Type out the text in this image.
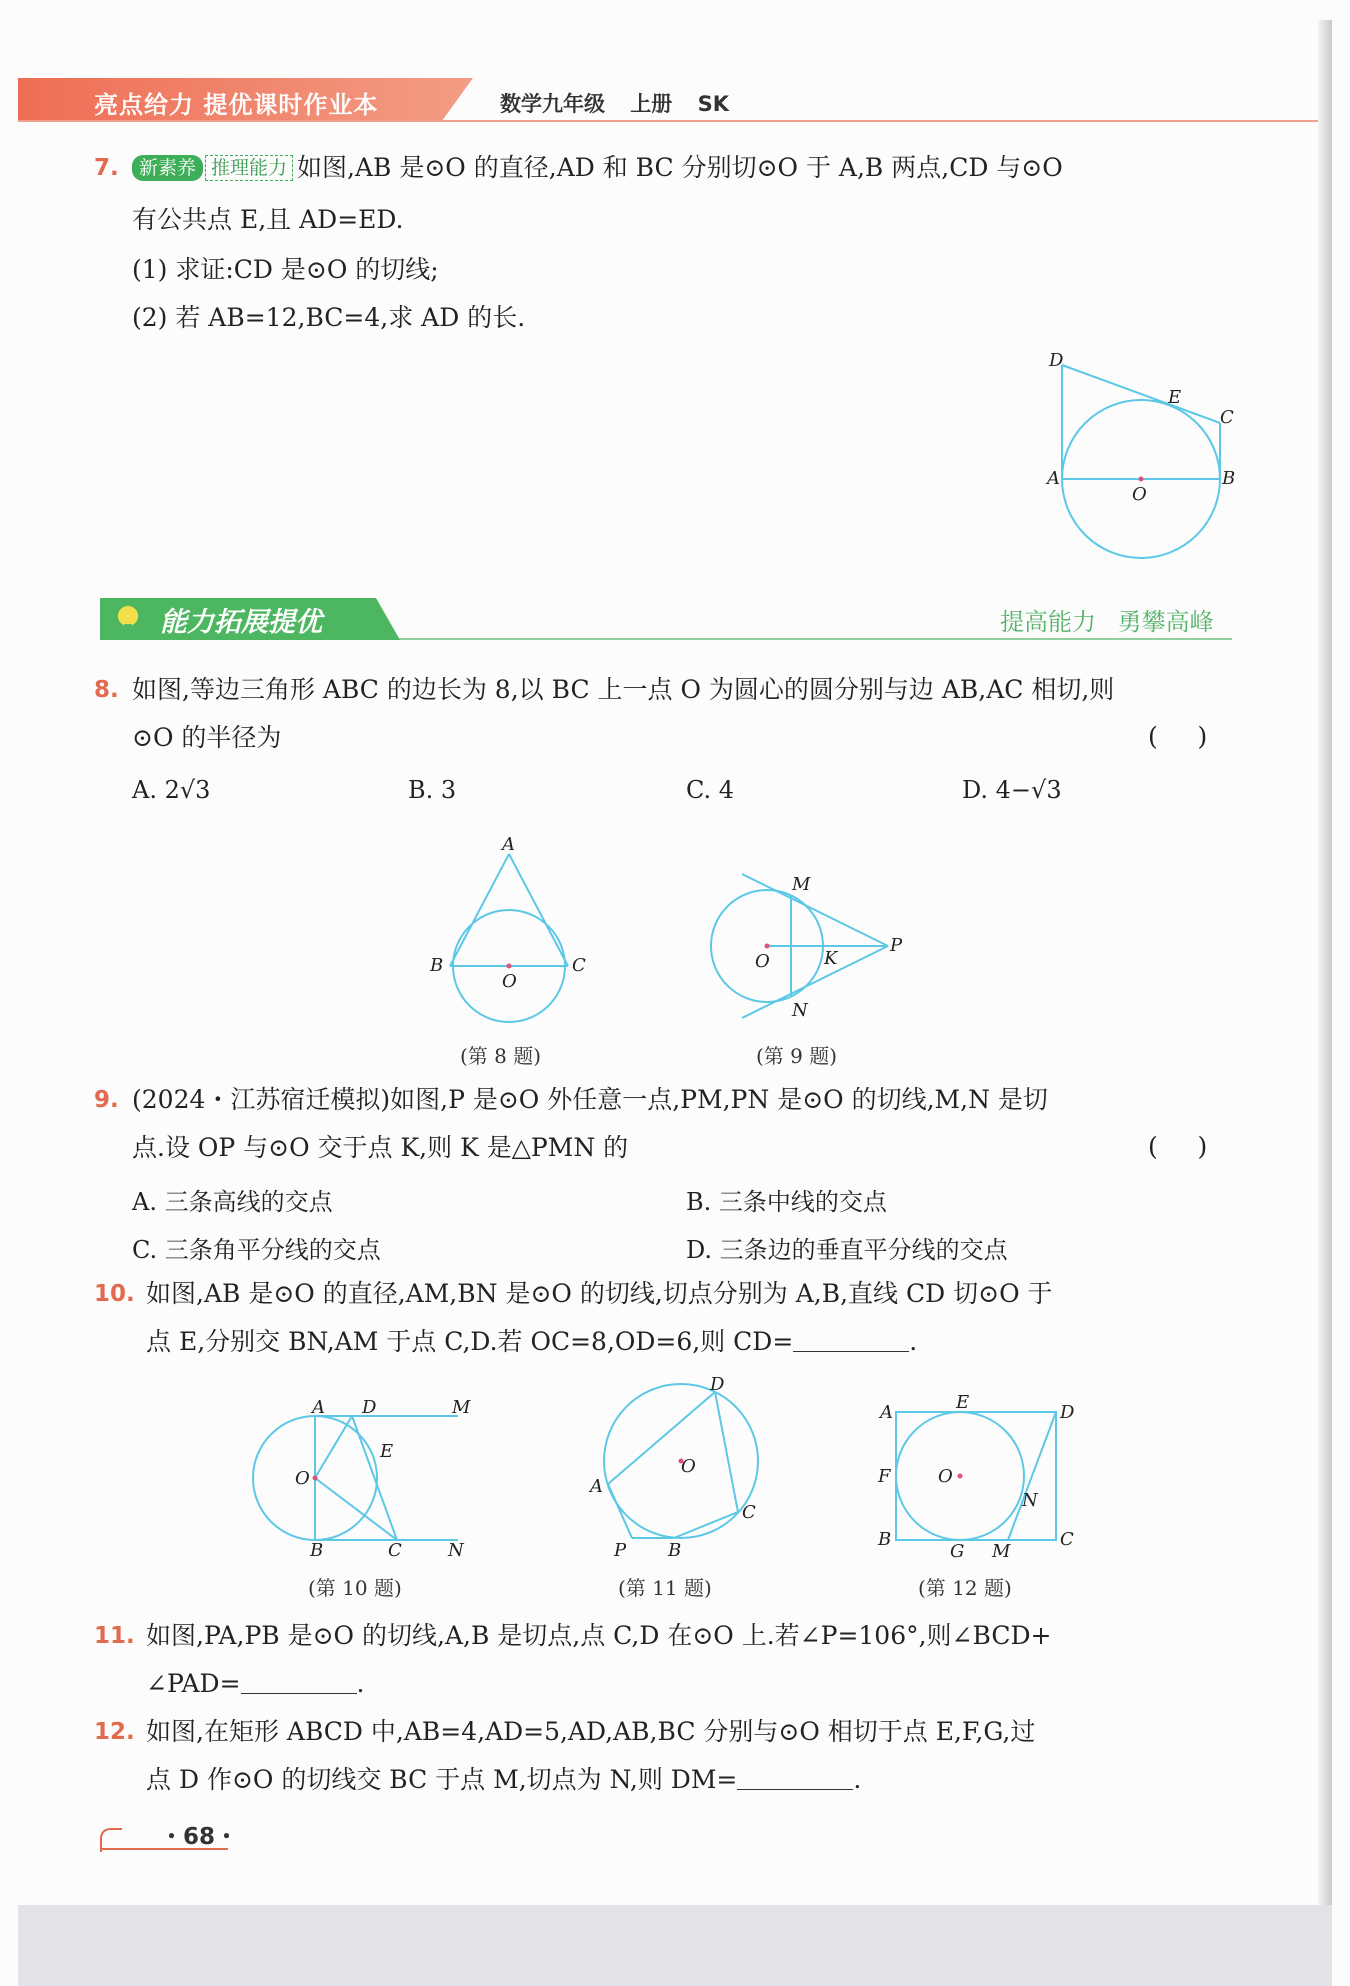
亮点给力 提优课时作业本	数学九年级 上册 SK
7.	新素养 推理能力 如图,AB 是⊙O 的直径,AD 和 BC 分别切⊙O 于 A,B 两点,CD 与⊙O
有公共点 E,且 AD=ED.
(1) 求证:CD 是⊙O 的切线;
(2) 若 AB=12,BC=4,求 AD 的长.
D
E
C
A
O
B
能力拓展提优	提高能力 勇攀高峰
8. 如图,等边三角形 ABC 的边长为 8,以 BC 上一点 O 为圆心的圆分别与边 AB,AC 相切,则
⊙O 的半径为	(     )
A. 2√3	B. 3	C. 4	D. 4−√3
A
B
O
C
(第 8 题)
M
P
O	K
N
(第 9 题)
9. (2024・江苏宿迁模拟)如图,P 是⊙O 外任意一点,PM,PN 是⊙O 的切线,M,N 是切
点.设 OP 与⊙O 交于点 K,则 K 是△PMN 的	(     )
A. 三条高线的交点	B. 三条中线的交点
C. 三条角平分线的交点	D. 三条边的垂直平分线的交点
10. 如图,AB 是⊙O 的直径,AM,BN 是⊙O 的切线,切点分别为 A,B,直线 CD 切⊙O 于
点 E,分别交 BN,AM 于点 C,D.若 OC=8,OD=6,则 CD=	.
A D	M
O
E
B	C	N
(第 10 题)
D
O
A
C
P B
(第 11 题)
A	E	D
F	O
N
B
G M
C
(第 12 题)
11. 如图,PA,PB 是⊙O 的切线,A,B 是切点,点 C,D 在⊙O 上.若∠P=106°,则∠BCD+
∠PAD=	.
12. 如图,在矩形 ABCD 中,AB=4,AD=5,AD,AB,BC 分别与⊙O 相切于点 E,F,G,过
点 D 作⊙O 的切线交 BC 于点 M,切点为 N,则 DM=	.
・68・
